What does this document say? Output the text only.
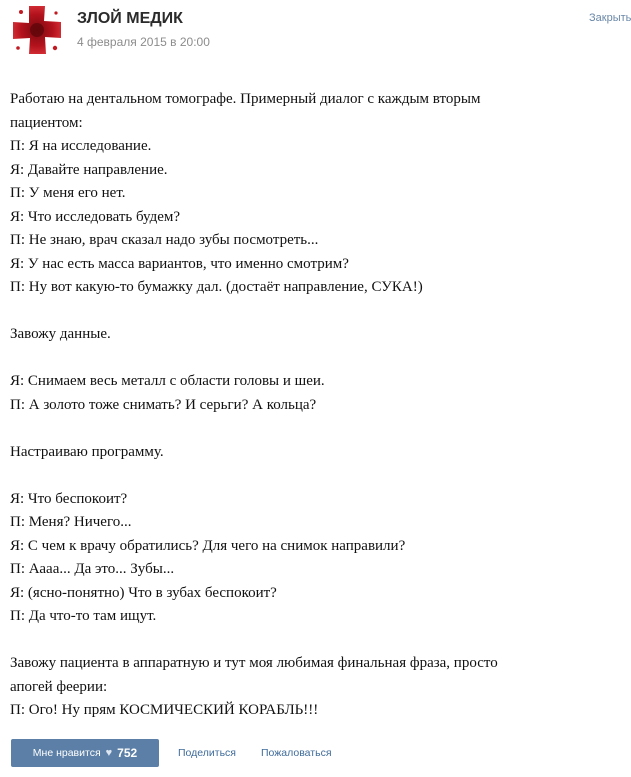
ЗЛОЙ МЕДИК
4 февраля 2015 в 20:00
Закрыть
Работаю на дентальном томографе. Примерный диалог с каждым вторым
пациентом:
П: Я на исследование.
Я: Давайте направление.
П: У меня его нет.
Я: Что исследовать будем?
П: Не знаю, врач сказал надо зубы посмотреть...
Я: У нас есть масса вариантов, что именно смотрим?
П: Ну вот какую-то бумажку дал. (достаёт направление, СУКА!)
Завожу данные.
Я: Снимаем весь металл с области головы и шеи.
П: А золото тоже снимать? И серьги? А кольца?
Настраиваю программу.
Я: Что беспокоит?
П: Меня? Ничего...
Я: С чем к врачу обратились? Для чего на снимок направили?
П: Аааа... Да это... Зубы...
Я: (ясно-понятно) Что в зубах беспокоит?
П: Да что-то там ищут.
Завожу пациента в аппаратную и тут моя любимая финальная фраза, просто
апогей феерии:
П: Ого! Ну прям КОСМИЧЕСКИЙ КОРАБЛЬ!!!
Мне нравится ♥ 752	Поделиться Пожаловаться
